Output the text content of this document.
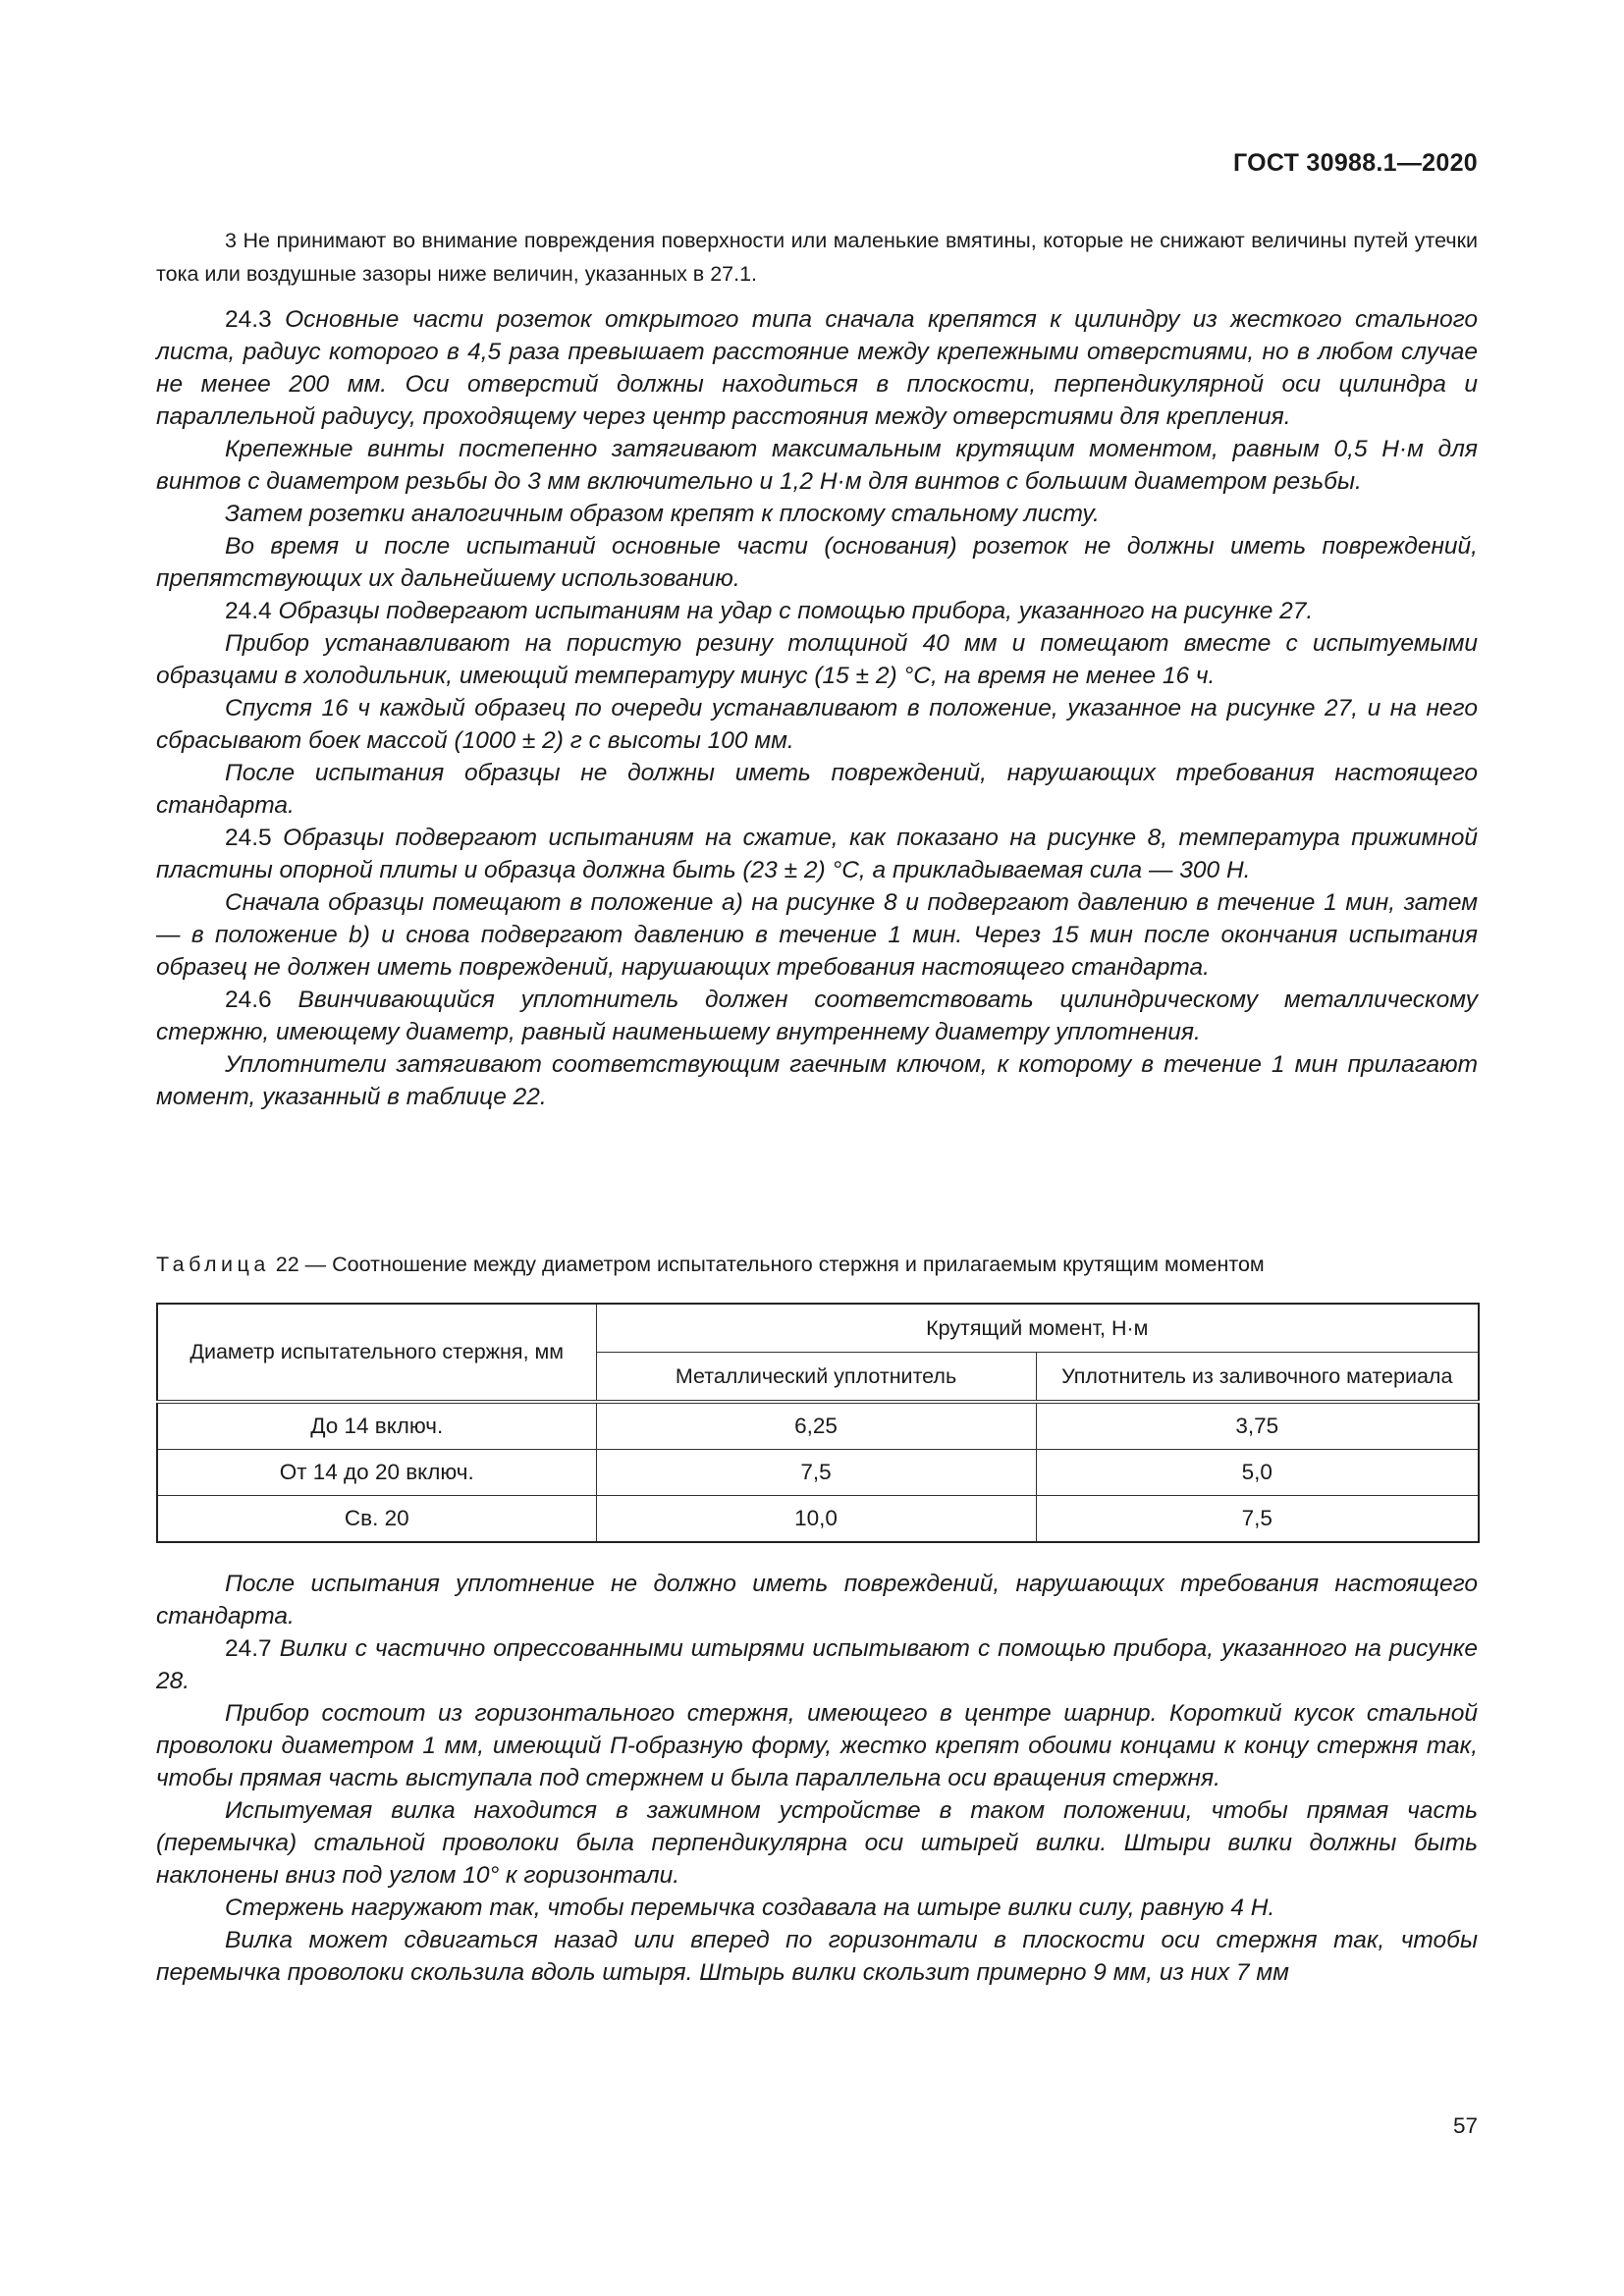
ГОСТ 30988.1—2020

3 Не принимают во внимание повреждения поверхности или маленькие вмятины, которые не снижают величины путей утечки тока или воздушные зазоры ниже величин, указанных в 27.1.

24.3 Основные части розеток открытого типа сначала крепятся к цилиндру из жесткого стального листа, радиус которого в 4,5 раза превышает расстояние между крепежными отверстиями, но в любом случае не менее 200 мм. Оси отверстий должны находиться в плоскости, перпендикулярной оси цилиндра и параллельной радиусу, проходящему через центр расстояния между отверстиями для крепления.

Крепежные винты постепенно затягивают максимальным крутящим моментом, равным 0,5 Н·м для винтов с диаметром резьбы до 3 мм включительно и 1,2 Н·м для винтов с большим диаметром резьбы.

Затем розетки аналогичным образом крепят к плоскому стальному листу.

Во время и после испытаний основные части (основания) розеток не должны иметь повреждений, препятствующих их дальнейшему использованию.

24.4 Образцы подвергают испытаниям на удар с помощью прибора, указанного на рисунке 27.

Прибор устанавливают на пористую резину толщиной 40 мм и помещают вместе с испытуемыми образцами в холодильник, имеющий температуру минус (15 ± 2) °C, на время не менее 16 ч.

Спустя 16 ч каждый образец по очереди устанавливают в положение, указанное на рисунке 27, и на него сбрасывают боек массой (1000 ± 2) г с высоты 100 мм.

После испытания образцы не должны иметь повреждений, нарушающих требования настоящего стандарта.

24.5 Образцы подвергают испытаниям на сжатие, как показано на рисунке 8, температура прижимной пластины опорной плиты и образца должна быть (23 ± 2) °C, а прикладываемая сила — 300 Н.

Сначала образцы помещают в положение a) на рисунке 8 и подвергают давлению в течение 1 мин, затем — в положение b) и снова подвергают давлению в течение 1 мин. Через 15 мин после окончания испытания образец не должен иметь повреждений, нарушающих требования настоящего стандарта.

24.6 Ввинчивающийся уплотнитель должен соответствовать цилиндрическому металлическому стержню, имеющему диаметр, равный наименьшему внутреннему диаметру уплотнения.

Уплотнители затягивают соответствующим гаечным ключом, к которому в течение 1 мин прилагают момент, указанный в таблице 22.

Таблица 22 — Соотношение между диаметром испытательного стержня и прилагаемым крутящим моментом
Диаметр испытательного стержня, мм	Крутящий момент, Н·м	
	Металлический уплотнитель	Уплотнитель из заливочного материала
До 14 включ.	6,25	3,75
От 14 до 20 включ.	7,5	5,0
Св. 20	10,0	7,5

После испытания уплотнение не должно иметь повреждений, нарушающих требования настоящего стандарта.

24.7 Вилки с частично опрессованными штырями испытывают с помощью прибора, указанного на рисунке 28.

Прибор состоит из горизонтального стержня, имеющего в центре шарнир. Короткий кусок стальной проволоки диаметром 1 мм, имеющий П-образную форму, жестко крепят обоими концами к концу стержня так, чтобы прямая часть выступала под стержнем и была параллельна оси вращения стержня.

Испытуемая вилка находится в зажимном устройстве в таком положении, чтобы прямая часть (перемычка) стальной проволоки была перпендикулярна оси штырей вилки. Штыри вилки должны быть наклонены вниз под углом 10° к горизонтали.

Стержень нагружают так, чтобы перемычка создавала на штыре вилки силу, равную 4 Н.

Вилка может сдвигаться назад или вперед по горизонтали в плоскости оси стержня так, чтобы перемычка проволоки скользила вдоль штыря. Штырь вилки скользит примерно 9 мм, из них 7 мм

57
